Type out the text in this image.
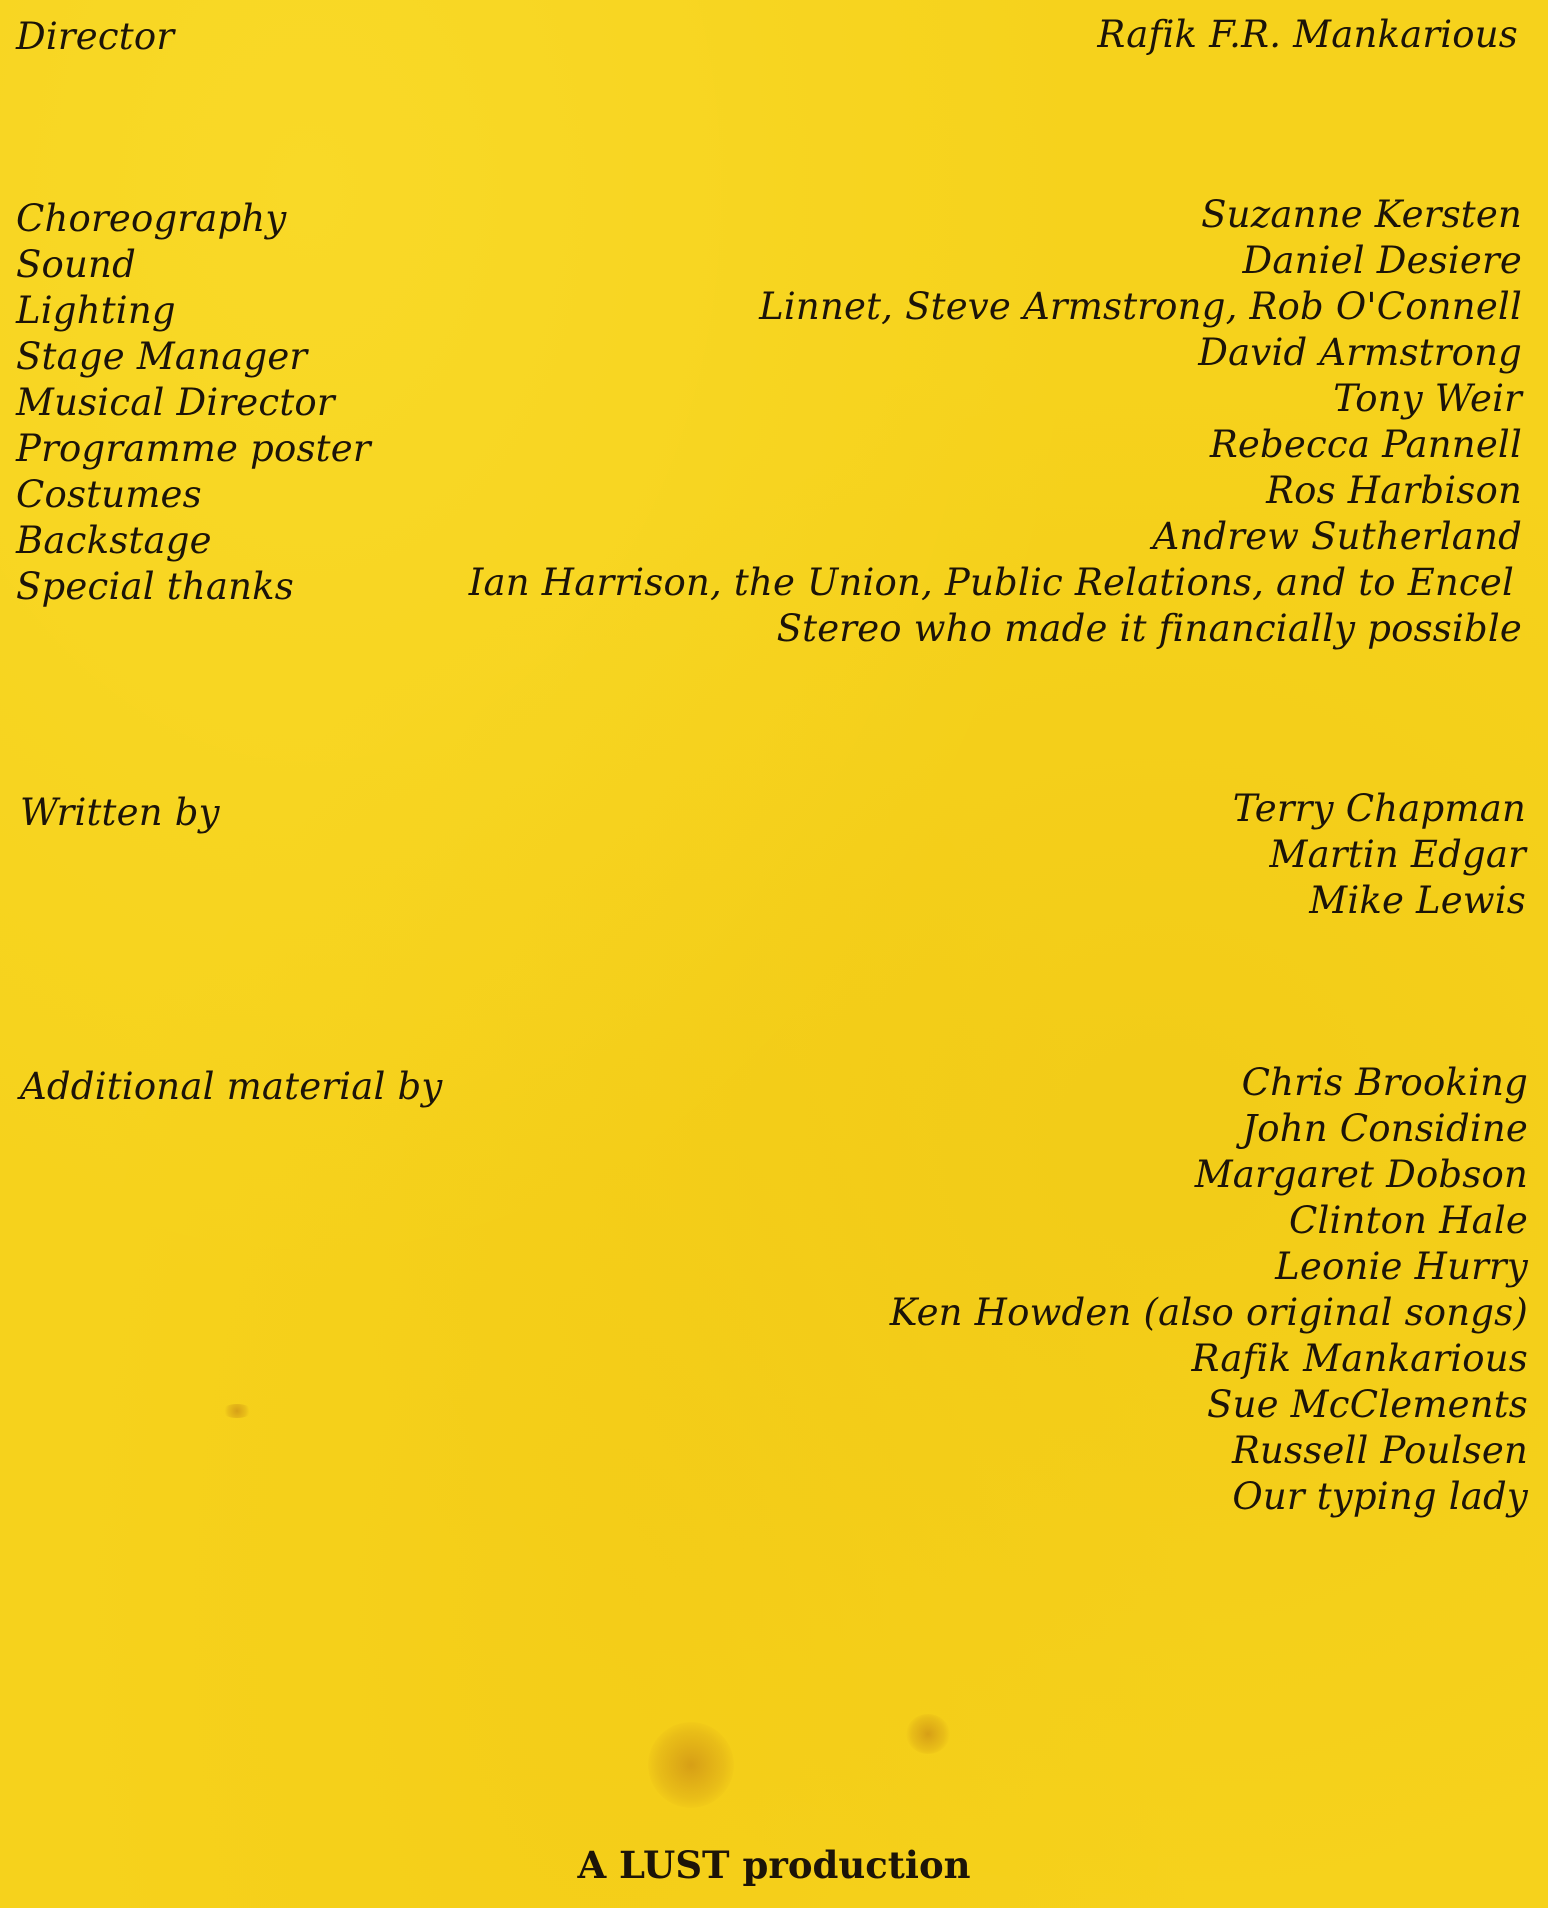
Director	Rafik F.R. Mankarious
Choreography	Suzanne Kersten
Sound	Daniel Desiere
Lighting	Linnet, Steve Armstrong, Rob O'Connell
Stage Manager	David Armstrong
Musical Director	Tony Weir
Programme poster	Rebecca Pannell
Costumes	Ros Harbison
Backstage	Andrew Sutherland
Special thanks	Ian Harrison, the Union, Public Relations, and to Encel
Stereo who made it financially possible
Written by	Terry Chapman
Martin Edgar
Mike Lewis
Additional material by	Chris Brooking
John Considine
Margaret Dobson
Clinton Hale
Leonie Hurry
Ken Howden (also original songs)
Rafik Mankarious
Sue McClements
Russell Poulsen
Our typing lady
A LUST production
